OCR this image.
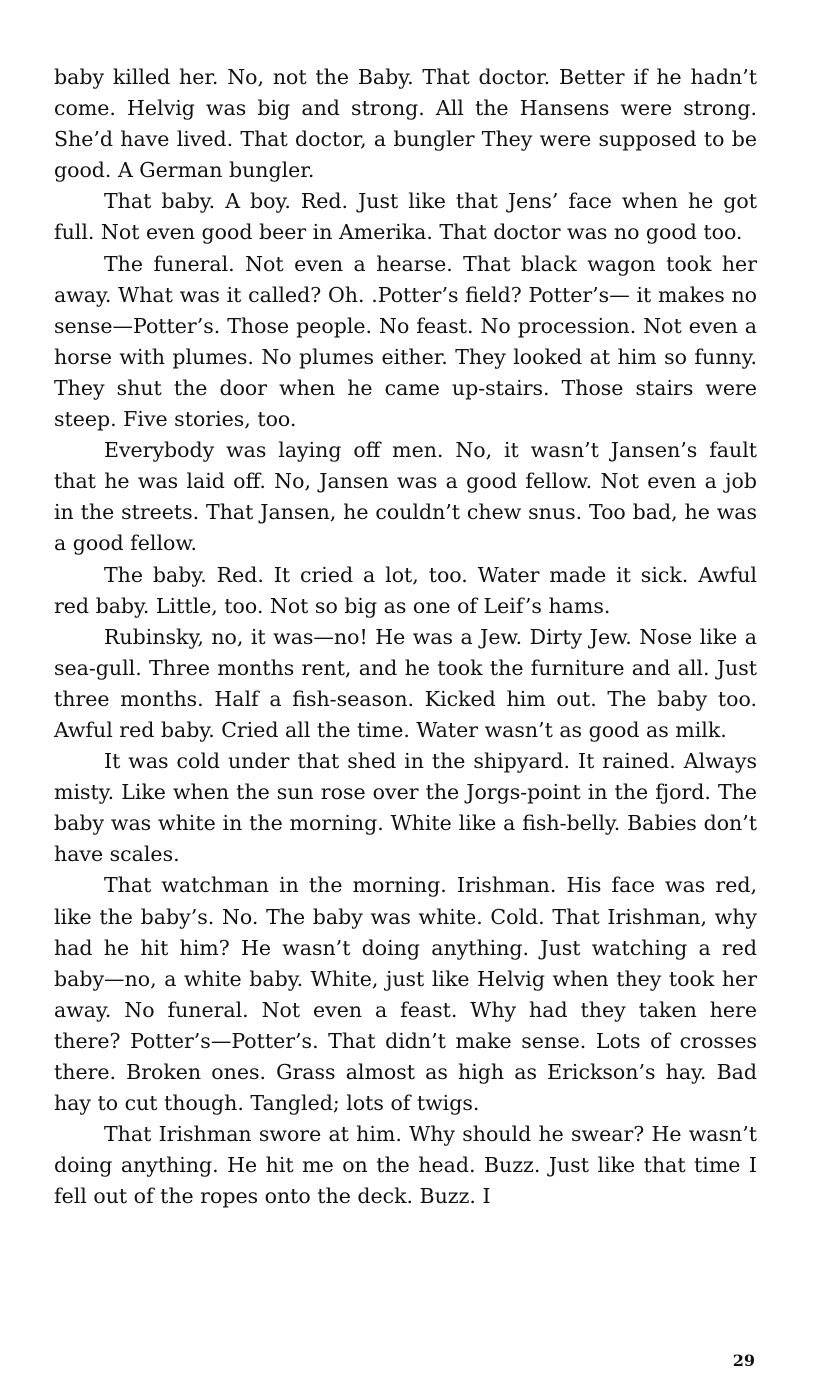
baby killed her. No, not the Baby. That doctor. Better if he hadn’t come. Helvig was big and strong. All the Hansens were strong. She’d have lived. That doctor, a bungler They were supposed to be good. A German bungler.

That baby. A boy. Red. Just like that Jens’ face when he got full. Not even good beer in Amerika. That doctor was no good too.

The funeral. Not even a hearse. That black wagon took her away. What was it called? Oh. .Potter’s field? Potter’s— it makes no sense—Potter’s. Those people. No feast. No procession. Not even a horse with plumes. No plumes either. They looked at him so funny. They shut the door when he came up-stairs. Those stairs were steep. Five stories, too.

Everybody was laying off men. No, it wasn’t Jansen’s fault that he was laid off. No, Jansen was a good fellow. Not even a job in the streets. That Jansen, he couldn’t chew snus. Too bad, he was a good fellow.

The baby. Red. It cried a lot, too. Water made it sick. Awful red baby. Little, too. Not so big as one of Leif’s hams.

Rubinsky, no, it was—no! He was a Jew. Dirty Jew. Nose like a sea-gull. Three months rent, and he took the furniture and all. Just three months. Half a fish-season. Kicked him out. The baby too. Awful red baby. Cried all the time. Water wasn’t as good as milk.

It was cold under that shed in the shipyard. It rained. Always misty. Like when the sun rose over the Jorgs-point in the fjord. The baby was white in the morning. White like a fish-belly. Babies don’t have scales.

That watchman in the morning. Irishman. His face was red, like the baby’s. No. The baby was white. Cold. That Irishman, why had he hit him? He wasn’t doing anything. Just watching a red baby—no, a white baby. White, just like Helvig when they took her away. No funeral. Not even a feast. Why had they taken here there? Potter’s—Potter’s. That didn’t make sense. Lots of crosses there. Broken ones. Grass almost as high as Erickson’s hay. Bad hay to cut though. Tangled; lots of twigs.

That Irishman swore at him. Why should he swear? He wasn’t doing anything. He hit me on the head. Buzz. Just like that time I fell out of the ropes onto the deck. Buzz. I

29
